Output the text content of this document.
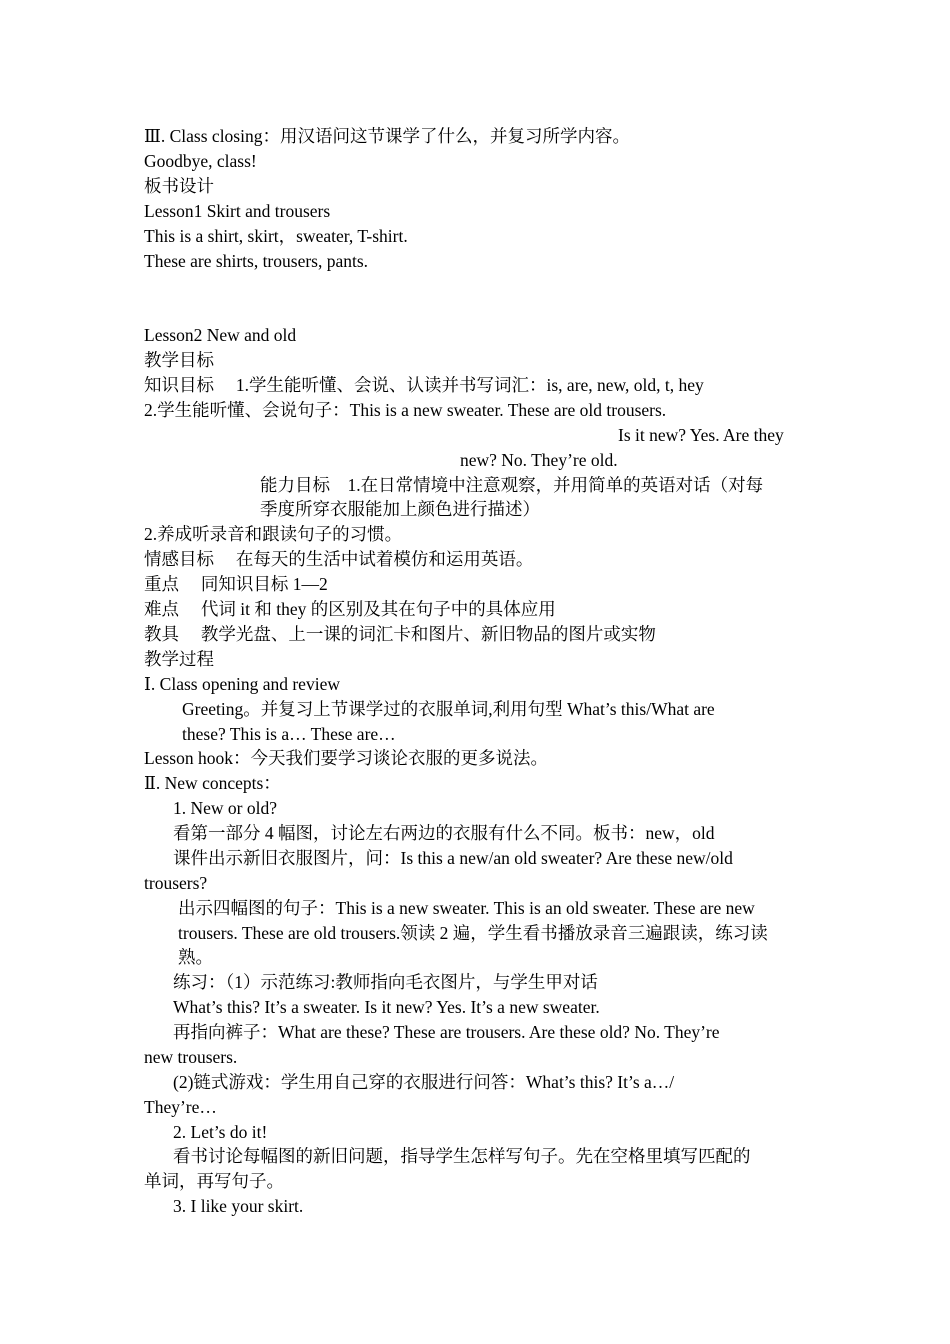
Ⅲ. Class closing：用汉语问这节课学了什么，并复习所学内容。
Goodbye, class!
板书设计
Lesson1 Skirt and trousers
This is a shirt, skirt，sweater, T-shirt.
These are shirts, trousers, pants.
Lesson2 New and old
教学目标
知识目标　 1.学生能听懂、会说、认读并书写词汇：is, are, new, old, t, hey
2.学生能听懂、会说句子：This is a new sweater. These are old trousers.
Is it new? Yes. Are they
new? No. They’re old.
能力目标　1.在日常情境中注意观察，并用简单的英语对话（对每
季度所穿衣服能加上颜色进行描述）
2.养成听录音和跟读句子的习惯。
情感目标　 在每天的生活中试着模仿和运用英语。
重点　 同知识目标 1—2
难点　 代词 it 和 they 的区别及其在句子中的具体应用
教具　 教学光盘、上一课的词汇卡和图片、新旧物品的图片或实物
教学过程
Ⅰ. Class opening and review
Greeting。并复习上节课学过的衣服单词,利用句型 What’s this/What are
these? This is a… These are…
Lesson hook：今天我们要学习谈论衣服的更多说法。
Ⅱ. New concepts：
1. New or old?
看第一部分 4 幅图，讨论左右两边的衣服有什么不同。板书：new，old
课件出示新旧衣服图片，问：Is this a new/an old sweater? Are these new/old
trousers?
出示四幅图的句子：This is a new sweater. This is an old sweater. These are new
trousers. These are old trousers.领读 2 遍，学生看书播放录音三遍跟读，练习读
熟。
练习：（1）示范练习:教师指向毛衣图片，与学生甲对话
What’s this? It’s a sweater. Is it new? Yes. It’s a new sweater.
再指向裤子：What are these? These are trousers. Are these old? No. They’re
new trousers.
(2)链式游戏：学生用自己穿的衣服进行问答：What’s this? It’s a…/
They’re…
2. Let’s do it!
看书讨论每幅图的新旧问题，指导学生怎样写句子。先在空格里填写匹配的
单词，再写句子。
3. I like your skirt.
